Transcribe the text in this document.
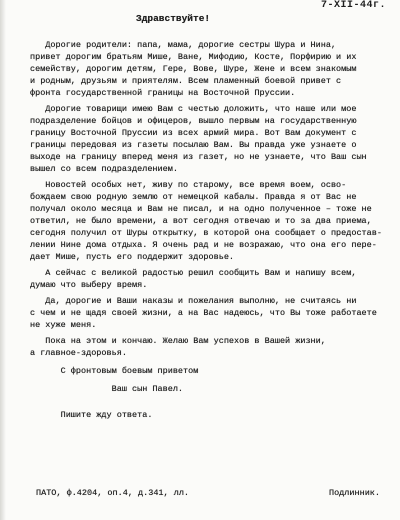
7-XII-44г.
Здравствуйте!
Дорогие родители: папа, мама, дорогие сестры Шура и Нина,
привет дорогим братьям Мише, Ване, Мифодию, Косте, Порфирию и их
семейству, дорогим детям, Гере, Вове, Шуре, Жене и всем знакомым
и родным, друзьям и приятелям. Всем пламенный боевой привет с
фронта государственной границы на Восточной Пруссии.
Дорогие товарищи имею Вам с честью доложить, что наше или мое
подразделение бойцов и офицеров, вышло первым на государственную
границу Восточной Пруссии из всех армий мира. Вот Вам документ с
границы передовая из газеты посылаю Вам. Вы правда уже узнаете о
выходе на границу вперед меня из газет, но не узнаете, что Ваш сын
вышел со всем подразделением.
Новостей особых нет, живу по старому, все время воем, осво-
бождаем свою родную землю от немецкой кабалы. Правда я от Вас не
получал около месяца и Вам не писал, и на одно полученное – тоже не
ответил, не было времени, а вот сегодня отвечаю и то за два приема,
сегодня получил от Шуры открытку, в которой она сообщает о предостав-
лении Нине дома отдыха. Я очень рад и не возражаю, что она его пере-
дает Мише, пусть его поддержит здоровье.
А сейчас с великой радостью решил сообщить Вам и напишу всем,
думаю что выберу время.
Да, дорогие и Ваши наказы и пожелания выполню, не считаясь ни
с чем и не щадя своей жизни, а на Вас надеюсь, что Вы тоже работаете
не хуже меня.
Пока на этом и кончаю. Желаю Вам успехов в Вашей жизни,
а главное-здоровья.
С фронтовым боевым приветом
Ваш сын Павел.
Пишите жду ответа.
ПАТО, ф.4204, оп.4, д.341, лл.	Подлинник.
